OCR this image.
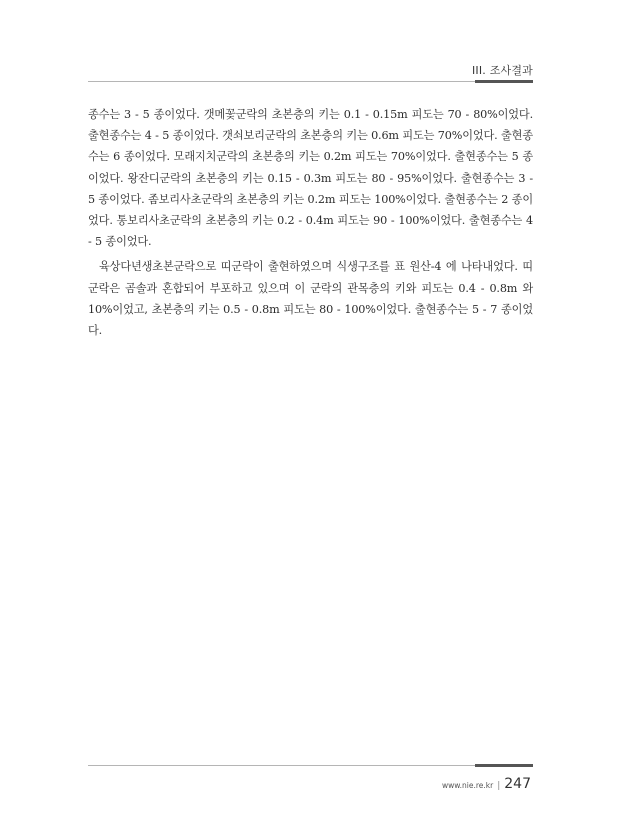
III. 조사결과

종수는 3 - 5 종이었다. 갯메꽃군락의 초본층의 키는 0.1 - 0.15m 피도는 70 - 80%이었다. 출현종수는 4 - 5 종이었다. 갯쇠보리군락의 초본층의 키는 0.6m 피도는 70%이었다. 출현종수는 6 종이었다. 모래지치군락의 초본층의 키는 0.2m 피도는 70%이었다. 출현종수는 5 종이었다. 왕잔디군락의 초본층의 키는 0.15 - 0.3m 피도는 80 - 95%이었다. 출현종수는 3 - 5 종이었다. 좀보리사초군락의 초본층의 키는 0.2m 피도는 100%이었다. 출현종수는 2 종이었다. 통보리사초군락의 초본층의 키는 0.2 - 0.4m 피도는 90 - 100%이었다. 출현종수는 4 - 5 종이었다.

육상다년생초본군락으로 띠군락이 출현하였으며 식생구조를 표 원산-4 에 나타내었다. 띠군락은 곰솔과 혼합되어 부포하고 있으며 이 군락의 관목층의 키와 피도는 0.4 - 0.8m 와 10%이었고, 초본층의 키는 0.5 - 0.8m 피도는 80 - 100%이었다. 출현종수는 5 - 7 종이었다.

www.nie.re.kr | 247
